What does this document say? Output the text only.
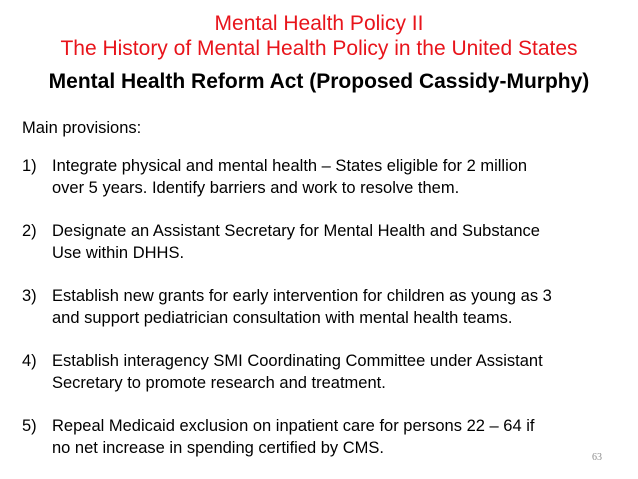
Mental Health Policy II
The History of Mental Health Policy in the United States
Mental Health Reform Act (Proposed Cassidy-Murphy)
Main provisions:
1) Integrate physical and mental health – States eligible for 2 million
over 5 years. Identify barriers and work to resolve them.
2) Designate an Assistant Secretary for Mental Health and Substance
Use within DHHS.
3) Establish new grants for early intervention for children as young as 3
and support pediatrician consultation with mental health teams.
4) Establish interagency SMI Coordinating Committee under Assistant
Secretary to promote research and treatment.
5) Repeal Medicaid exclusion on inpatient care for persons 22 – 64 if
no net increase in spending certified by CMS.
63
